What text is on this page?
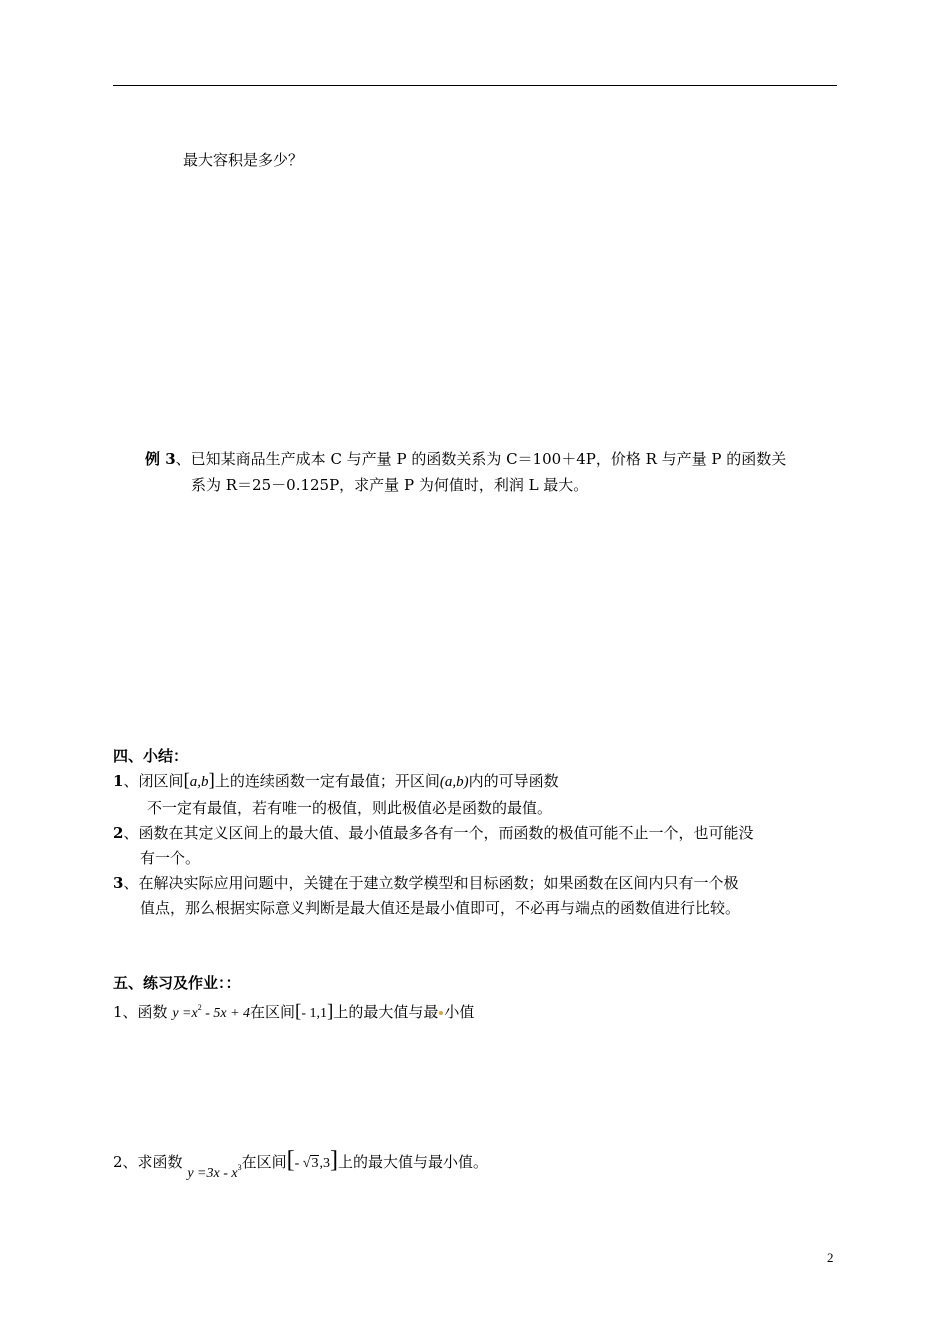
最大容积是多少？
例 3、已知某商品生产成本 C 与产量 P 的函数关系为 C＝100＋4P，价格 R 与产量 P 的函数关
系为 R＝25－0.125P，求产量 P 为何值时，利润 L 最大。
四、小结：
1、闭区间[a,b]上的连续函数一定有最值；开区间(a,b)内的可导函数
不一定有最值，若有唯一的极值，则此极值必是函数的最值。
2、函数在其定义区间上的最大值、最小值最多各有一个，而函数的极值可能不止一个，也可能没
有一个。
3、在解决实际应用问题中，关键在于建立数学模型和目标函数；如果函数在区间内只有一个极
值点，那么根据实际意义判断是最大值还是最小值即可，不必再与端点的函数值进行比较。
五、练习及作业：：
1、函数 $y =x^2 - 5x + 4$在区间[- 1,1]上的最大值与最 小值
2、求函数 $y =3x - x^3$在区间[- √3,3]上的最大值与最小值。
2
